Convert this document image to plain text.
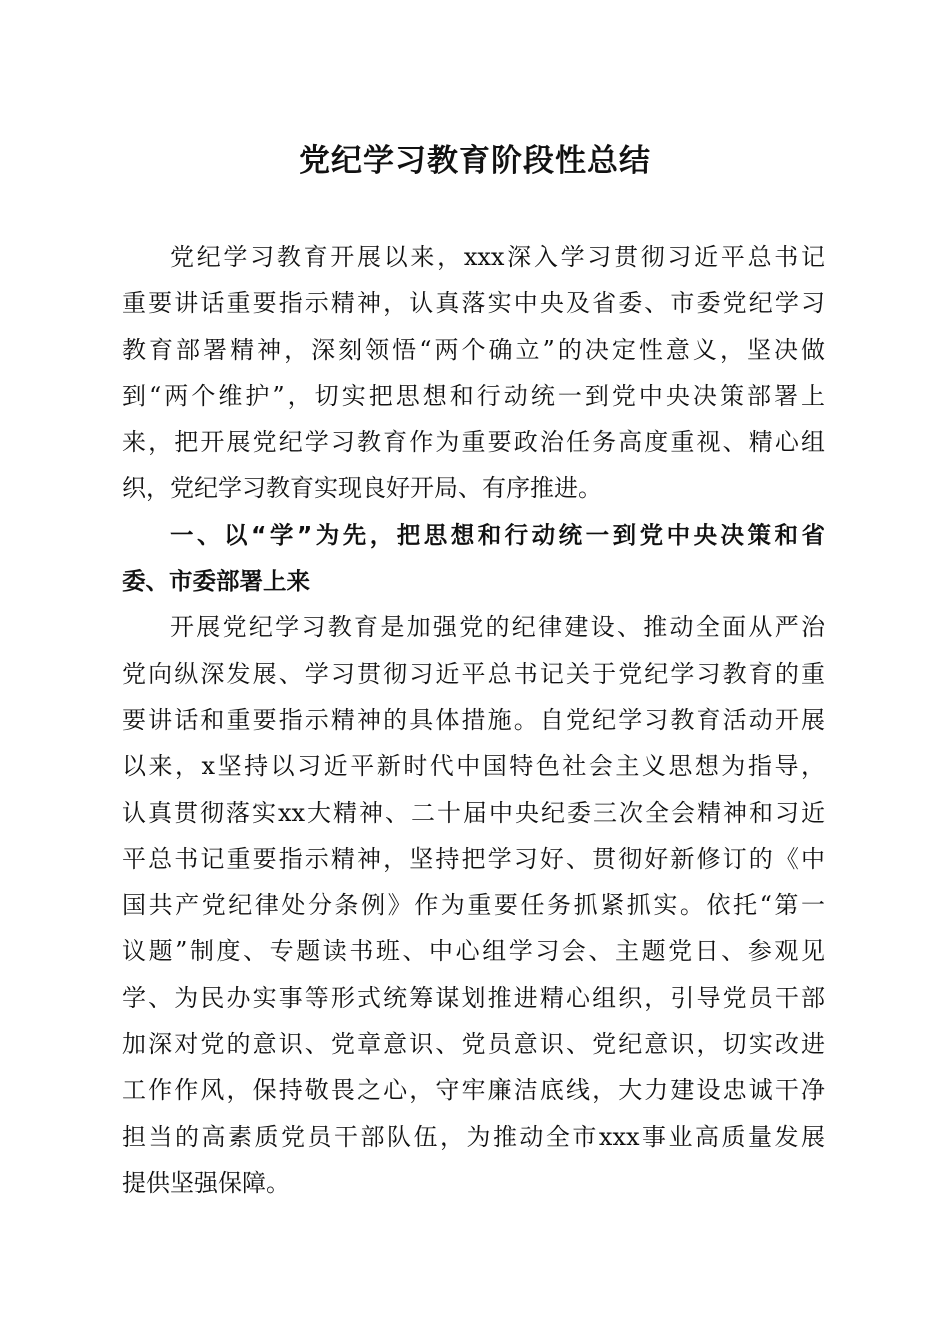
党纪学习教育阶段性总结
党纪学习教育开展以来，xxx深入学习贯彻习近平总书记
重要讲话重要指示精神，认真落实中央及省委、市委党纪学习
教育部署精神，深刻领悟“两个确立”的决定性意义，坚决做
到“两个维护”，切实把思想和行动统一到党中央决策部署上
来，把开展党纪学习教育作为重要政治任务高度重视、精心组
织，党纪学习教育实现良好开局、有序推进。
一、以“学”为先，把思想和行动统一到党中央决策和省
委、市委部署上来
开展党纪学习教育是加强党的纪律建设、推动全面从严治
党向纵深发展、学习贯彻习近平总书记关于党纪学习教育的重
要讲话和重要指示精神的具体措施。自党纪学习教育活动开展
以来，x坚持以习近平新时代中国特色社会主义思想为指导，
认真贯彻落实xx大精神、二十届中央纪委三次全会精神和习近
平总书记重要指示精神，坚持把学习好、贯彻好新修订的《中
国共产党纪律处分条例》作为重要任务抓紧抓实。依托“第一
议题”制度、专题读书班、中心组学习会、主题党日、参观见
学、为民办实事等形式统筹谋划推进精心组织，引导党员干部
加深对党的意识、党章意识、党员意识、党纪意识，切实改进
工作作风，保持敬畏之心，守牢廉洁底线，大力建设忠诚干净
担当的高素质党员干部队伍，为推动全市xxx事业高质量发展
提供坚强保障。
